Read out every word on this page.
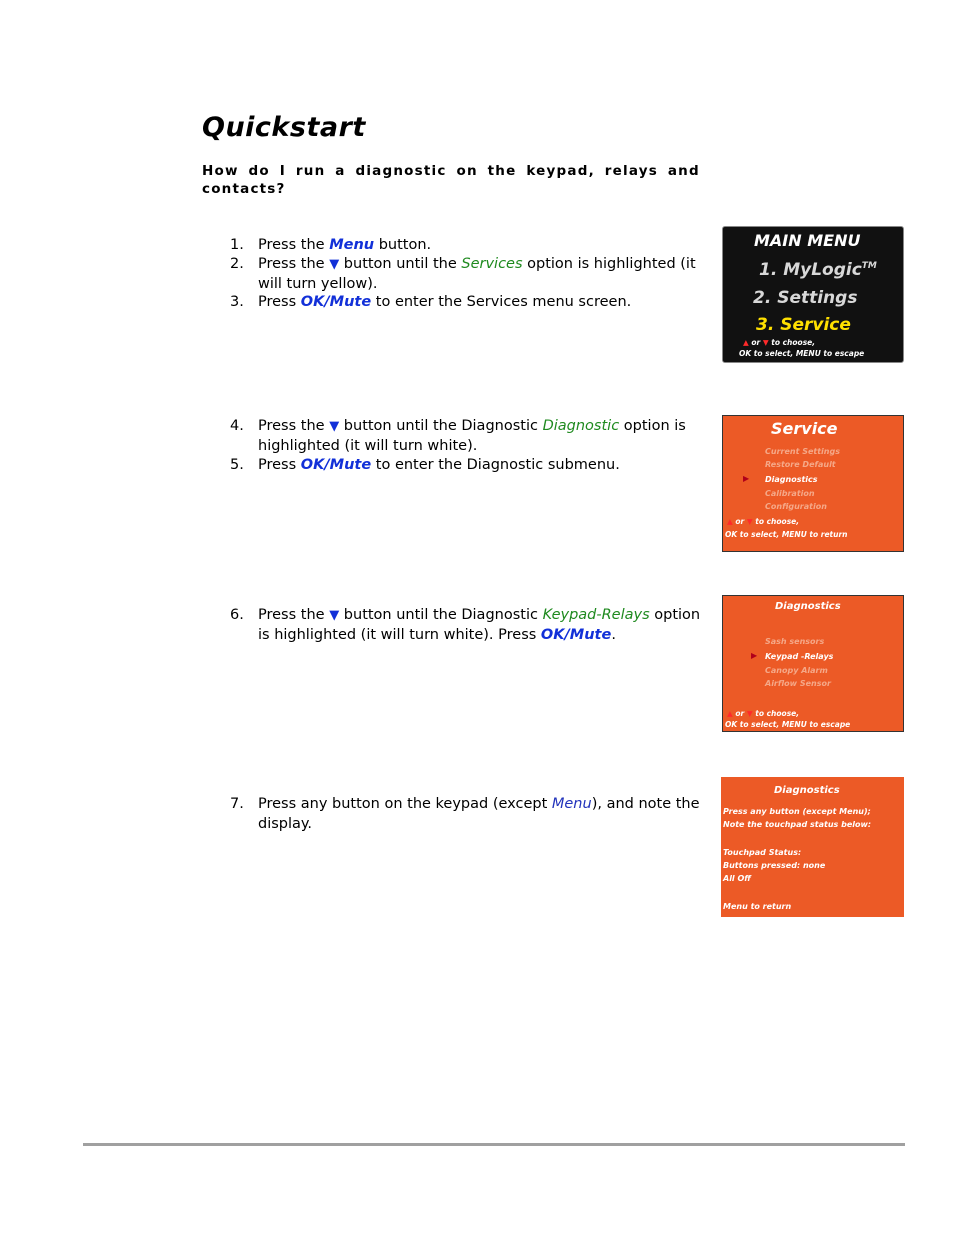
Quickstart

How do I run a diagnostic on the keypad, relays and contacts?

1. Press the Menu button.
2. Press the ▼ button until the Services option is highlighted (it will turn yellow).
3. Press OK/Mute to enter the Services menu screen.
4. Press the ▼ button until the Diagnostic Diagnostic option is highlighted (it will turn white).
5. Press OK/Mute to enter the Diagnostic submenu.
6. Press the ▼ button until the Diagnostic Keypad-Relays option is highlighted (it will turn white). Press OK/Mute.
7. Press any button on the keypad (except Menu), and note the display.
MAIN MENU
1. MyLogic™
2. Settings
3. Service
▲ or ▼ to choose,
OK to select, MENU to escape
Service
Current Settings
Restore Default
▶ Diagnostics
Calibration
Configuration
▲ or ▼ to choose,
OK to select, MENU to return
Diagnostics
Sash sensors
▶ Keypad -Relays
Canopy Alarm
Airflow Sensor
▲ or ▼ to choose,
OK to select, MENU to escape
Diagnostics
Press any button (except Menu);
Note the touchpad status below:
Touchpad Status:
Buttons pressed: none
All Off
Menu to return
